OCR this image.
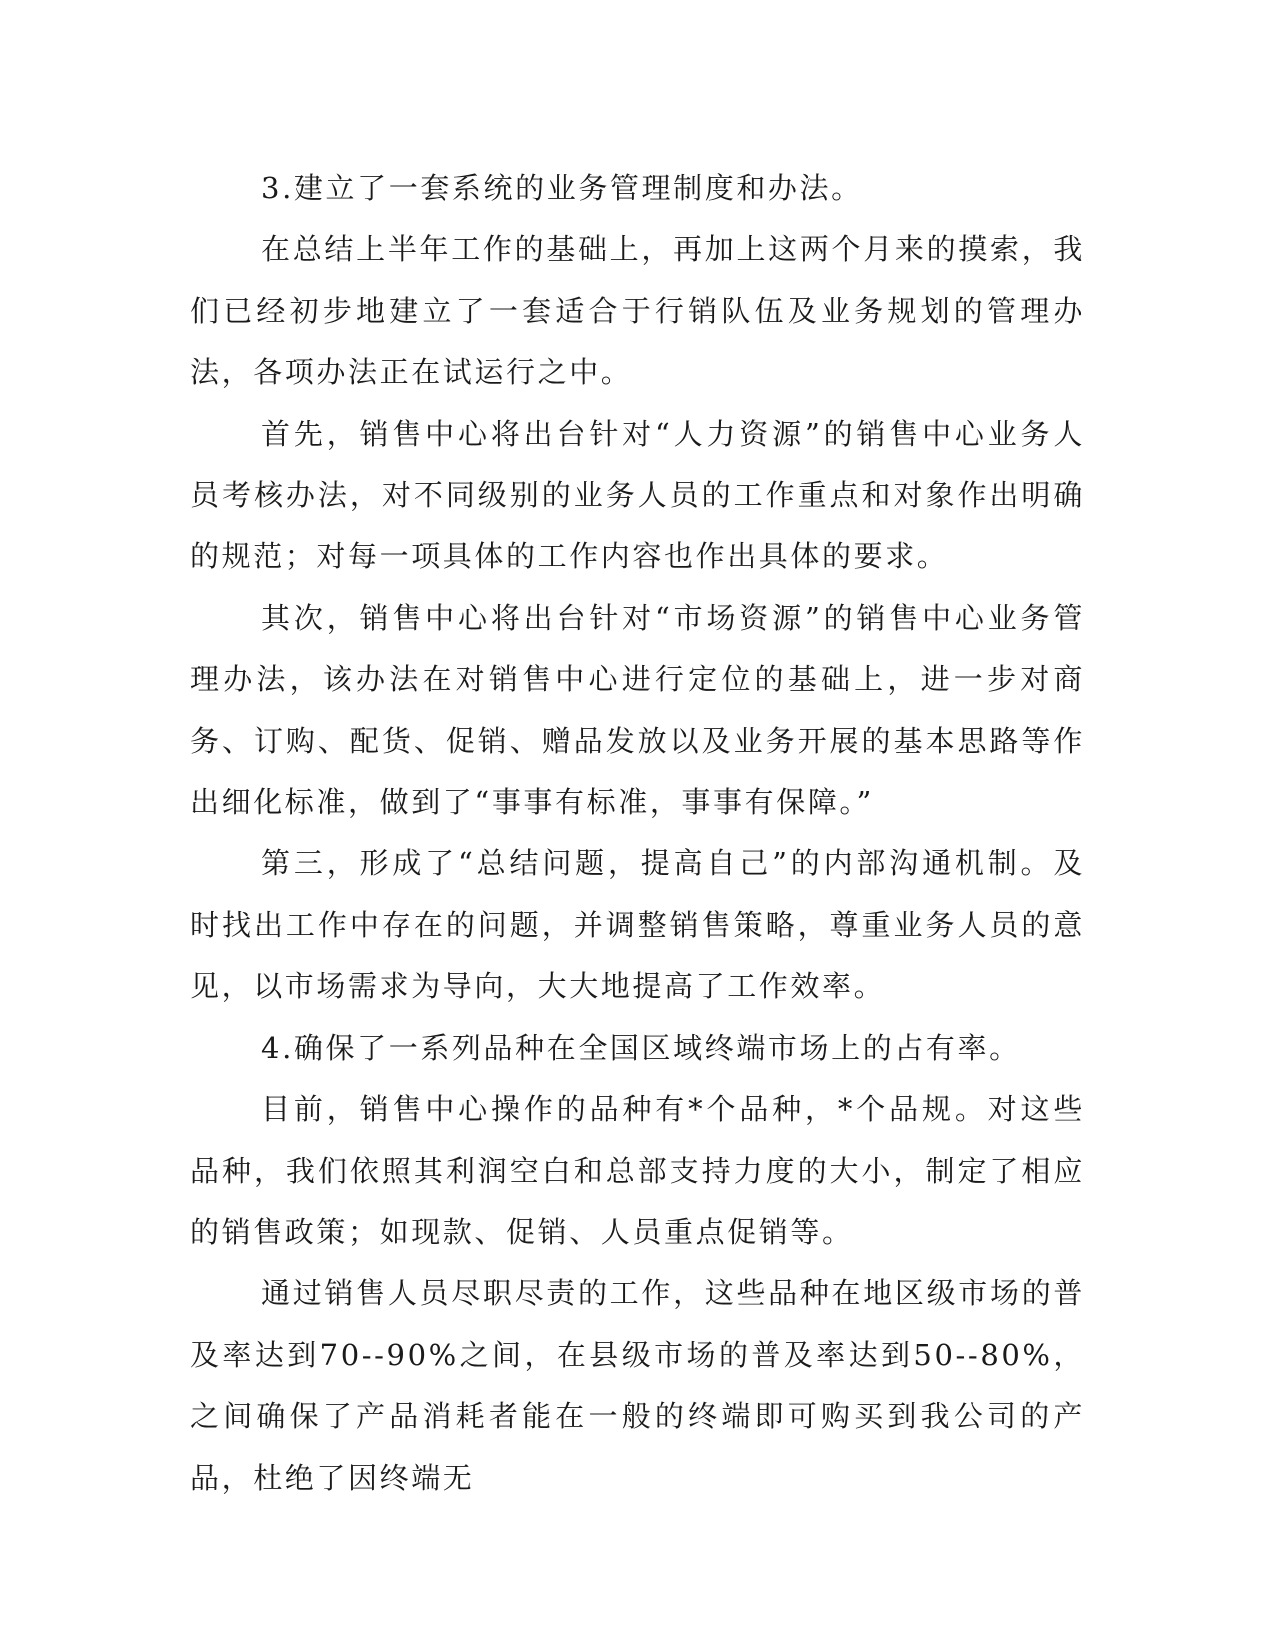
3.建立了一套系统的业务管理制度和办法。

在总结上半年工作的基础上，再加上这两个月来的摸索，我们已经初步地建立了一套适合于行销队伍及业务规划的管理办法，各项办法正在试运行之中。

首先，销售中心将出台针对“人力资源”的销售中心业务人员考核办法，对不同级别的业务人员的工作重点和对象作出明确的规范；对每一项具体的工作内容也作出具体的要求。

其次，销售中心将出台针对“市场资源”的销售中心业务管理办法，该办法在对销售中心进行定位的基础上，进一步对商务、订购、配货、促销、赠品发放以及业务开展的基本思路等作出细化标准，做到了“事事有标准，事事有保障。”

第三，形成了“总结问题，提高自己”的内部沟通机制。及时找出工作中存在的问题，并调整销售策略，尊重业务人员的意见，以市场需求为导向，大大地提高了工作效率。

4.确保了一系列品种在全国区域终端市场上的占有率。

目前，销售中心操作的品种有*个品种，*个品规。对这些品种，我们依照其利润空白和总部支持力度的大小，制定了相应的销售政策；如现款、促销、人员重点促销等。

通过销售人员尽职尽责的工作，这些品种在地区级市场的普及率达到70--90%之间，在县级市场的普及率达到50--80%，之间确保了产品消耗者能在一般的终端即可购买到我公司的产品，杜绝了因终端无
